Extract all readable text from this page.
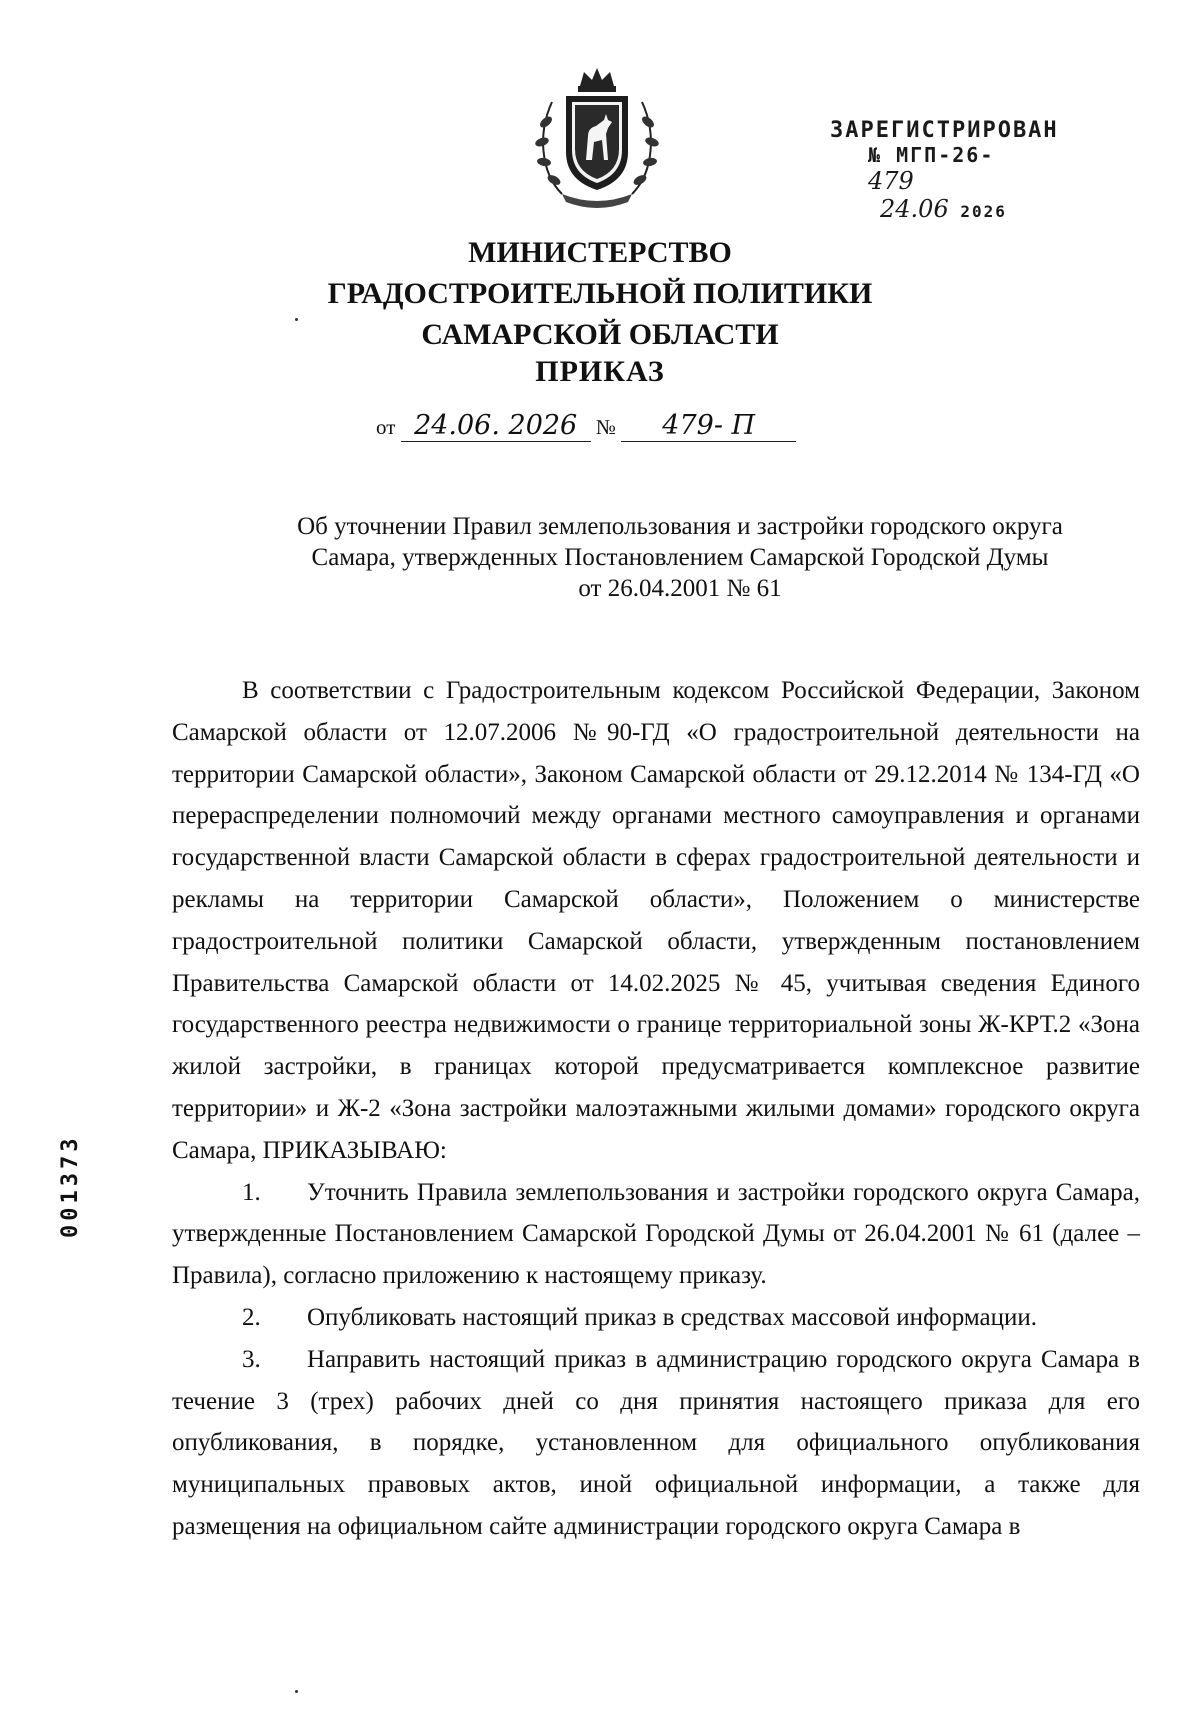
ЗАРЕГИСТРИРОВАН
№ МГП-26-479
24.06 2026
МИНИСТЕРСТВО
ГРАДОСТРОИТЕЛЬНОЙ ПОЛИТИКИ
САМАРСКОЙ ОБЛАСТИ
ПРИКАЗ
от 24.06. 2026 № 479- П
Об уточнении Правил землепользования и застройки городского округа
Самара, утвержденных Постановлением Самарской Городской Думы
от 26.04.2001 № 61

В соответствии с Градостроительным кодексом Российской Федерации, Законом Самарской области от 12.07.2006 №90-ГД «О градостроительной деятельности на территории Самарской области», Законом Самарской области от 29.12.2014 № 134-ГД «О перераспределении полномочий между органами местного самоуправления и органами государственной власти Самарской области в сферах градостроительной деятельности и рекламы на территории Самарской области», Положением о министерстве градостроительной политики Самарской области, утвержденным постановлением Правительства Самарской области от 14.02.2025 № 45, учитывая сведения Единого государственного реестра недвижимости о границе территориальной зоны Ж-КРТ.2 «Зона жилой застройки, в границах которой предусматривается комплексное развитие территории» и Ж-2 «Зона застройки малоэтажными жилыми домами» городского округа Самара, ПРИКАЗЫВАЮ:

1. Уточнить Правила землепользования и застройки городского округа Самара, утвержденные Постановлением Самарской Городской Думы от 26.04.2001 № 61 (далее – Правила), согласно приложению к настоящему приказу.

2. Опубликовать настоящий приказ в средствах массовой информации.

3. Направить настоящий приказ в администрацию городского округа Самара в течение 3 (трех) рабочих дней со дня принятия настоящего приказа для его опубликования, в порядке, установленном для официального опубликования муниципальных правовых актов, иной официальной информации, а также для размещения на официальном сайте администрации городского округа Самара в

001373
